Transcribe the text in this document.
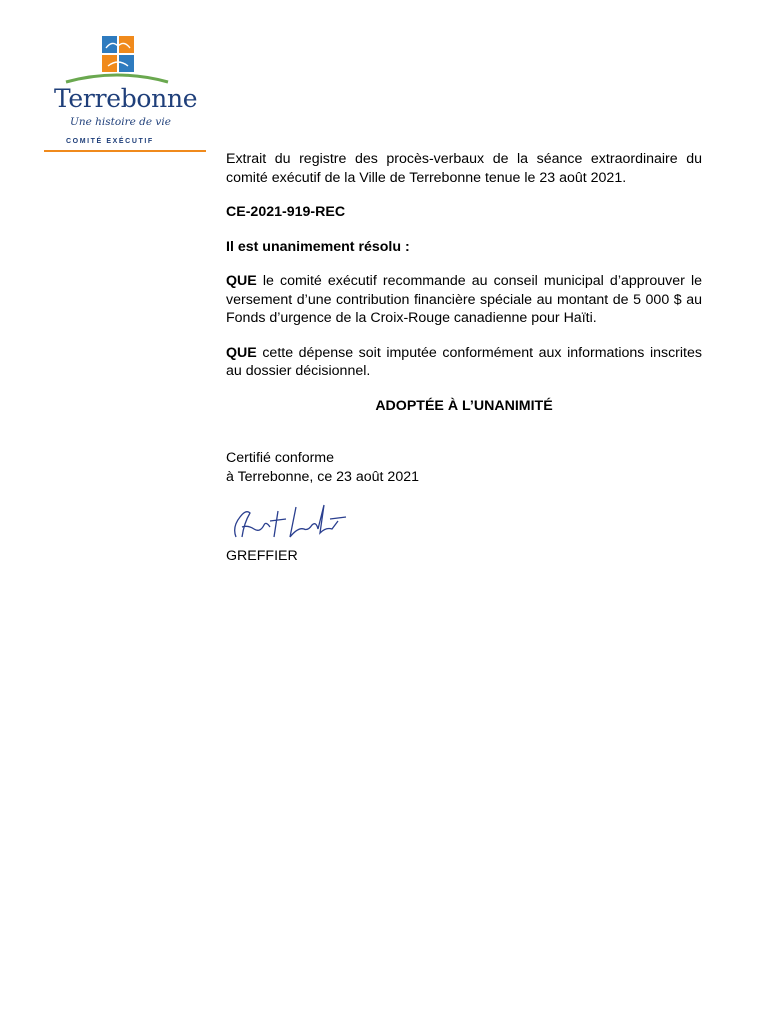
Terrebonne
Une histoire de vie
COMITÉ EXÉCUTIF

Extrait du registre des procès-verbaux de la séance extraordinaire du comité exécutif de la Ville de Terrebonne tenue le 23 août 2021.

CE-2021-919-REC

Il est unanimement résolu :

QUE le comité exécutif recommande au conseil municipal d’approuver le versement d’une contribution financière spéciale au montant de 5 000 $ au Fonds d’urgence de la Croix-Rouge canadienne pour Haïti.

QUE cette dépense soit imputée conformément aux informations inscrites au dossier décisionnel.

ADOPTÉE À L’UNANIMITÉ

Certifié conforme

à Terrebonne, ce 23 août 2021

GREFFIER
